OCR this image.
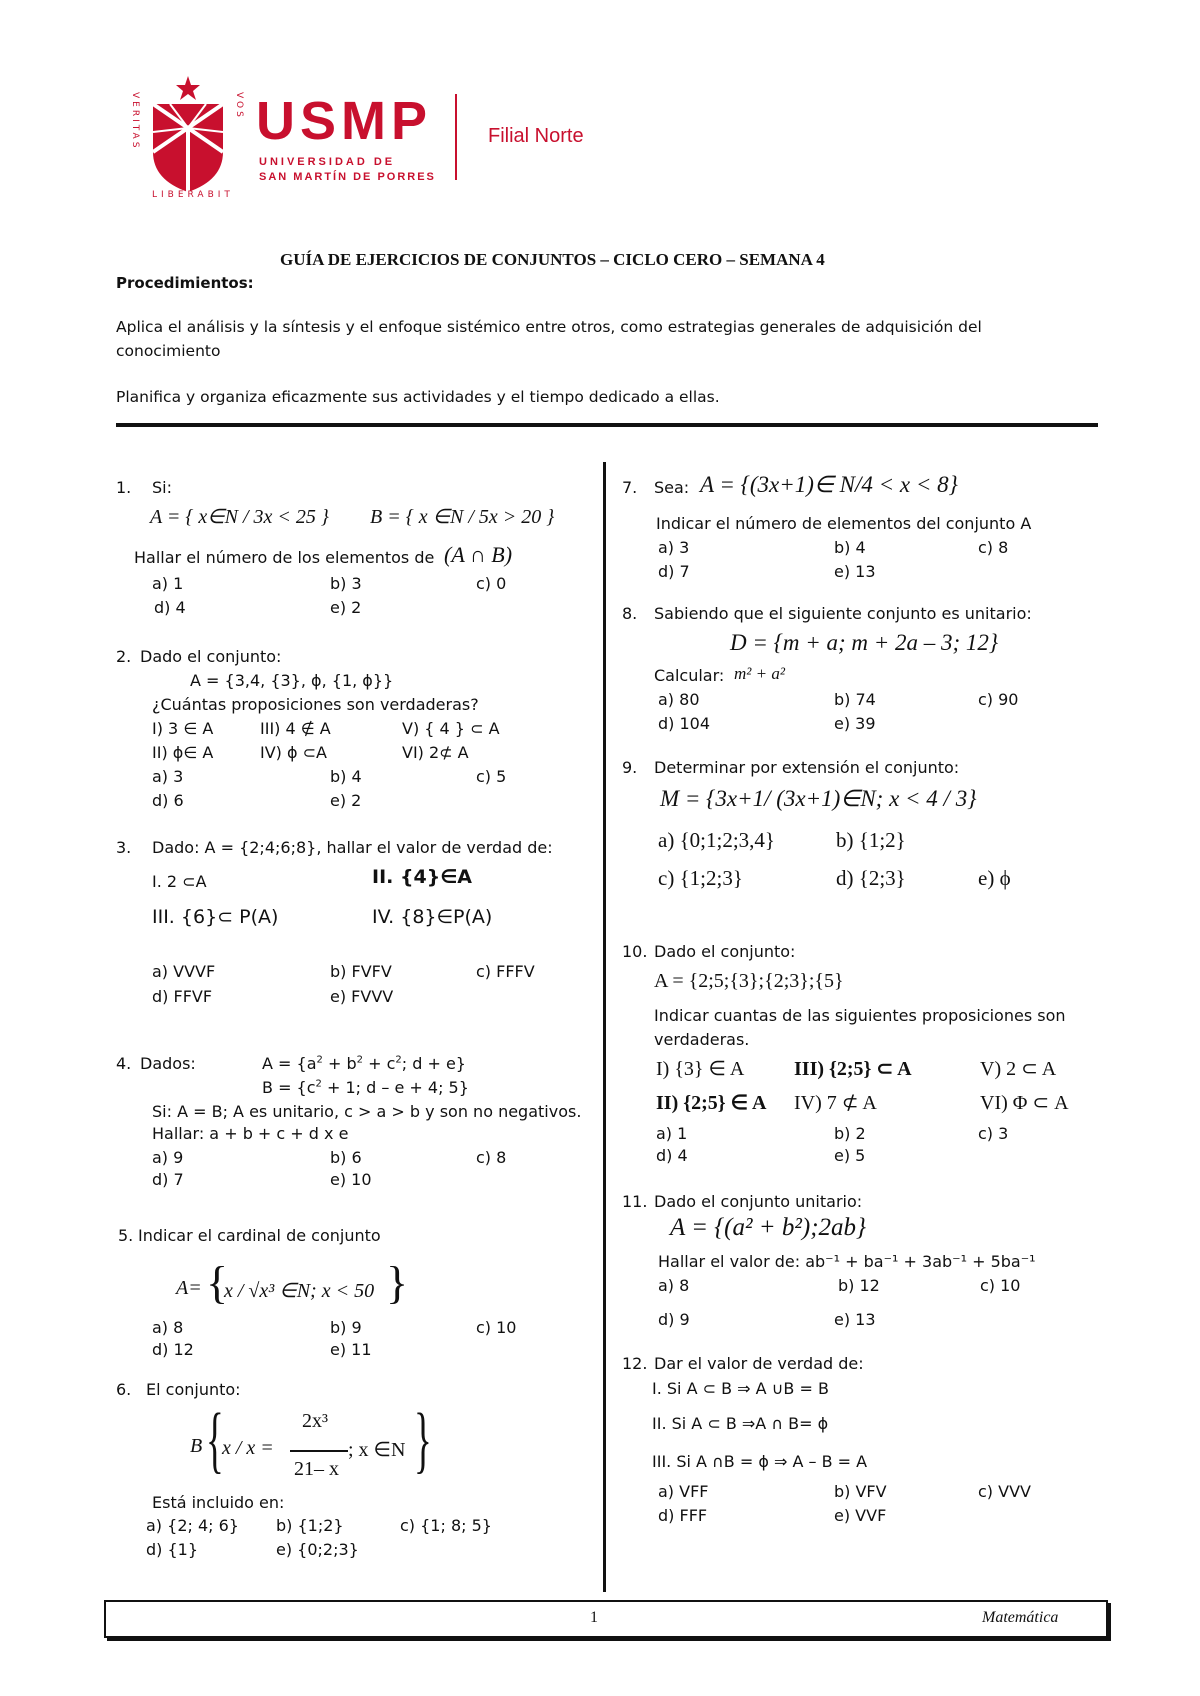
VERITAS
LIBERABIT
VOS USMP
UNIVERSIDAD DE
SAN MARTÍN DE PORRES
Filial Norte
GUÍA DE EJERCICIOS DE CONJUNTOS – CICLO CERO – SEMANA 4
Procedimientos:
Aplica el análisis y la síntesis y el enfoque sistémico entre otros, como estrategias generales de adquisición del
conocimiento
Planifica y organiza eficazmente sus actividades y el tiempo dedicado a ellas.
1. Si:
A = { x∈N / 3x < 25 } B = { x ∈N / 5x > 20 }
Hallar el número de los elementos de (A ∩ B)
a) 1	b) 3	c) 0
d) 4	e) 2
2. Dado el conjunto:
A = {3,4, {3}, ϕ, {1, ϕ}}
¿Cuántas proposiciones son verdaderas?
I) 3 ∈ A	III) 4 ∉ A	V) { 4 } ⊂ A
II) ϕ∈ A	IV) ϕ ⊂A	VI) 2⊄ A
a) 3	b) 4	c) 5
d) 6	e) 2
3. Dado: A = {2;4;6;8}, hallar el valor de verdad de:
I. 2 ⊂A	II. {4}∈A
III. {6}⊂ P(A)	IV. {8}∈P(A)
a) VVVF	b) FVFV	c) FFFV
d) FFVF	e) FVVV
4. Dados:	$A = \{a^2 + b^2 + c^2$; d + e}
$B = \{c^2 + 1$; d – e + 4; 5}
Si: A = B; A es unitario, c > a > b y son no negativos.
Hallar: a + b + c + d x e
a) 9	b) 6	c) 8
d) 7	e) 10
5. Indicar el cardinal de conjunto
A= {
x / √x³ ∈N; x < 50 }
a) 8	b) 9	c) 10
d) 12	e) 11
6. El conjunto:
B {
x / x =
2x³
21– x
; x ∈N }
Está incluido en:
a) {2; 4; 6} b) {1;2}	c) {1; 8; 5}
d) {1}	e) {0;2;3}
7. Sea: A = {(3x+1)∈ N/4 < x < 8}
Indicar el número de elementos del conjunto A
a) 3	b) 4	c) 8
d) 7	e) 13
8. Sabiendo que el siguiente conjunto es unitario:
D = {m + a; m + 2a – 3; 12}
Calcular: m² + a²
a) 80	b) 74	c) 90
d) 104	e) 39
9. Determinar por extensión el conjunto:
M = {3x+1/ (3x+1)∈N; x < 4 / 3}
a) {0;1;2;3,4}	b) {1;2}
c) {1;2;3}	d) {2;3}	e) ϕ
10. Dado el conjunto:
A = {2;5;{3};{2;3};{5}
Indicar cuantas de las siguientes proposiciones son
verdaderas.
I) {3} ∈ A III) {2;5} ⊂ A	V) 2 ⊂ A
II) {2;5} ∈ A IV) 7 ⊄ A	VI) Φ ⊂ A
a) 1	b) 2	c) 3
d) 4	e) 5
11. Dado el conjunto unitario:
A = {(a² + b²);2ab}
Hallar el valor de: ab⁻¹ + ba⁻¹ + 3ab⁻¹ + 5ba⁻¹
a) 8	b) 12	c) 10
d) 9	e) 13
12. Dar el valor de verdad de:
I. Si A ⊂ B ⇒ A ∪B = B
II. Si A ⊂ B ⇒A ∩ B= ϕ
III. Si A ∩B = ϕ ⇒ A – B = A
a) VFF	b) VFV	c) VVV
d) FFF	e) VVF
1	Matemática
